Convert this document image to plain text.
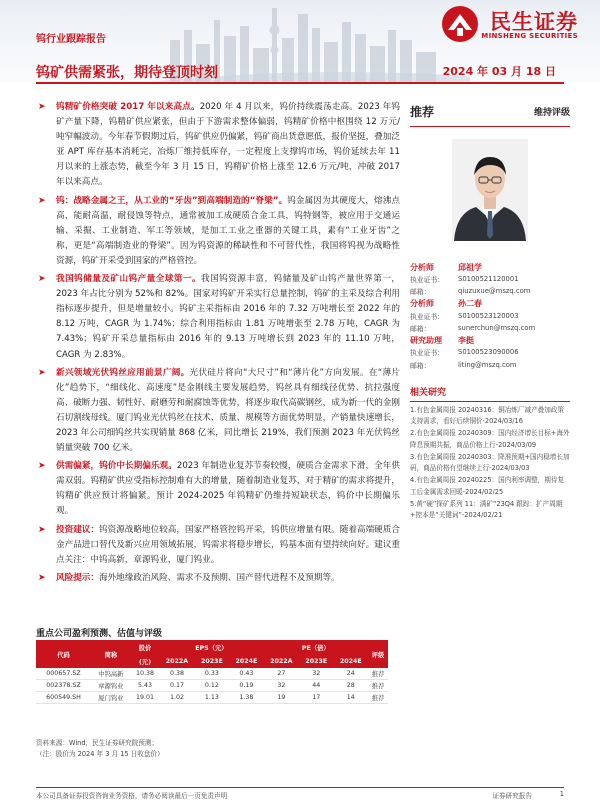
民生证券
MINSHENG SECURITIES
钨行业跟踪报告
钨矿供需紧张，期待登顶时刻	2024 年 03 月 18 日

➤ 钨精矿价格突破 2017 年以来高点。2020 年 4 月以来，钨价持续震荡走高。2023 年钨矿产量下降，钨精矿供应紧张，但由于下游需求整体偏弱，钨精矿价格中枢围绕 12 万元/吨窄幅波动。今年春节假期过后，钨矿供应仍偏紧，钨矿商出货意愿低，报价坚挺，叠加泛亚 APT 库存基本消耗完，冶炼厂维持低库存，一定程度上支撑钨市场，钨价延续去年 11 月以来的上涨态势，截至今年 3 月 15 日，钨精矿价格上涨至 12.6 万元/吨，冲破 2017 年以来高点。

➤ 钨：战略金属之王，从工业的“牙齿”到高端制造的“脊梁”。钨金属因为其硬度大，熔沸点高，能耐高温，耐侵蚀等特点，通常被加工成硬质合金工具，钨特钢等，被应用于交通运输、采掘、工业制造、军工等领域，是加工工业之重器的关键工具，素有“工业牙齿”之称，更是“高端制造业的脊梁”。因为钨资源的稀缺性和不可替代性，我国将钨视为战略性资源，钨矿开采受到国家的严格管控。

➤ 我国钨储量及矿山钨产量全球第一。我国钨资源丰富，钨储量及矿山钨产量世界第一，2023 年占比分别为 52%和 82%。国家对钨矿开采实行总量控制，钨矿的主采及综合利用指标逐步提升，但是增量较小。钨矿主采指标由 2016 年的 7.32 万吨增长至 2022 年的 8.12 万吨，CAGR 为 1.74%；综合利用指标由 1.81 万吨增张至 2.78 万吨，CAGR 为 7.43%；钨矿开采总量指标由 2016 年的 9.13 万吨增长到 2023 年的 11.10 万吨，CAGR 为 2.83%。

➤ 新兴领域光伏钨丝应用前景广阔。光伏硅片将向“大尺寸”和“薄片化”方向发展。在“薄片化”趋势下，“细线化、高速度”是金刚线主要发展趋势，钨丝具有细线径优势、抗拉强度高、破断力强、韧性好、耐磨劳和耐腐蚀等优势，将逐步取代高碳钢丝，成为新一代的金刚石切割线母线。厦门钨业光伏钨丝在技术、质量、规模等方面优势明显，产销量快速增长，2023 年公司细钨丝共实现销量 868 亿米，同比增长 219%，我们预测 2023 年光伏钨丝销量突破 700 亿米。

➤ 供需偏紧，钨价中长期偏乐观。2023 年制造业复苏节奏较慢，硬质合金需求下滑，全年供需双弱。钨精矿供应受指标控制难有大的增量，随着制造业复苏，对于精矿的需求将提升，钨精矿供应预计将偏紧。预计 2024-2025 年钨精矿仍维持短缺状态，钨价中长期偏乐观。

➤ 投资建议：钨资源战略地位较高，国家严格管控钨开采，钨供应增量有限。随着高端硬质合金产品进口替代及新兴应用领域拓展，钨需求将稳步增长，钨基本面有望持续向好。建议重点关注：中钨高新，章源钨业，厦门钨业。

➤ 风险提示：海外地缘政治风险、需求不及预期、国产替代进程不及预期等。

推荐	维持评级
分析师	邱祖学
执业证书：	S0100521120001
邮箱：	qiuzuxue@mszq.com
分析师	孙二春
执业证书：	S0100523120003
邮箱：	sunerchun@mszq.com
研究助理	李挺
执业证书：	S0100523090006
邮箱：	liting@mszq.com
相关研究
1.有色金属周报 20240316：铜冶炼厂减产叠加政策支持需求，看好后续铜价-2024/03/16
2.有色金属周报 20240309：国内经济增长目标+海外降息预期共振，商品价格上行-2024/03/09
3.有色金属周报 20240303：降准预期+国内稳增长加码，商品价格有望继续上行-2024/03/03
4.有色金属周报 20240225：国内利率调整，期待复工后金属需求回暖-2024/02/25
5.黄“硬”探矿系列 11：满矿“23Q4 跟踪：扩产周期+控本是“关键词”-2024/02/21
重点公司盈利预测、估值与评级
代码	简称	股价	EPS（元）			PE（倍）			评级
		(元)	2022A	2023E	2024E	2022A	2023E	2024E	
000657.SZ	中钨高新	10.38	0.38	0.33	0.43	27	32	24	推荐
002378.SZ	章源钨业	5.43	0.17	0.12	0.19	32	44	28	推荐
600549.SH	厦门钨业	19.01	1.02	1.13	1.38	19	17	14	推荐
资料来源：Wind，民生证券研究院预测；
（注：股价为 2024 年 3 月 15 日收盘价）
本公司具备证券投资咨询业务资格，请务必阅读最后一页免责声明	证券研究报告	1
